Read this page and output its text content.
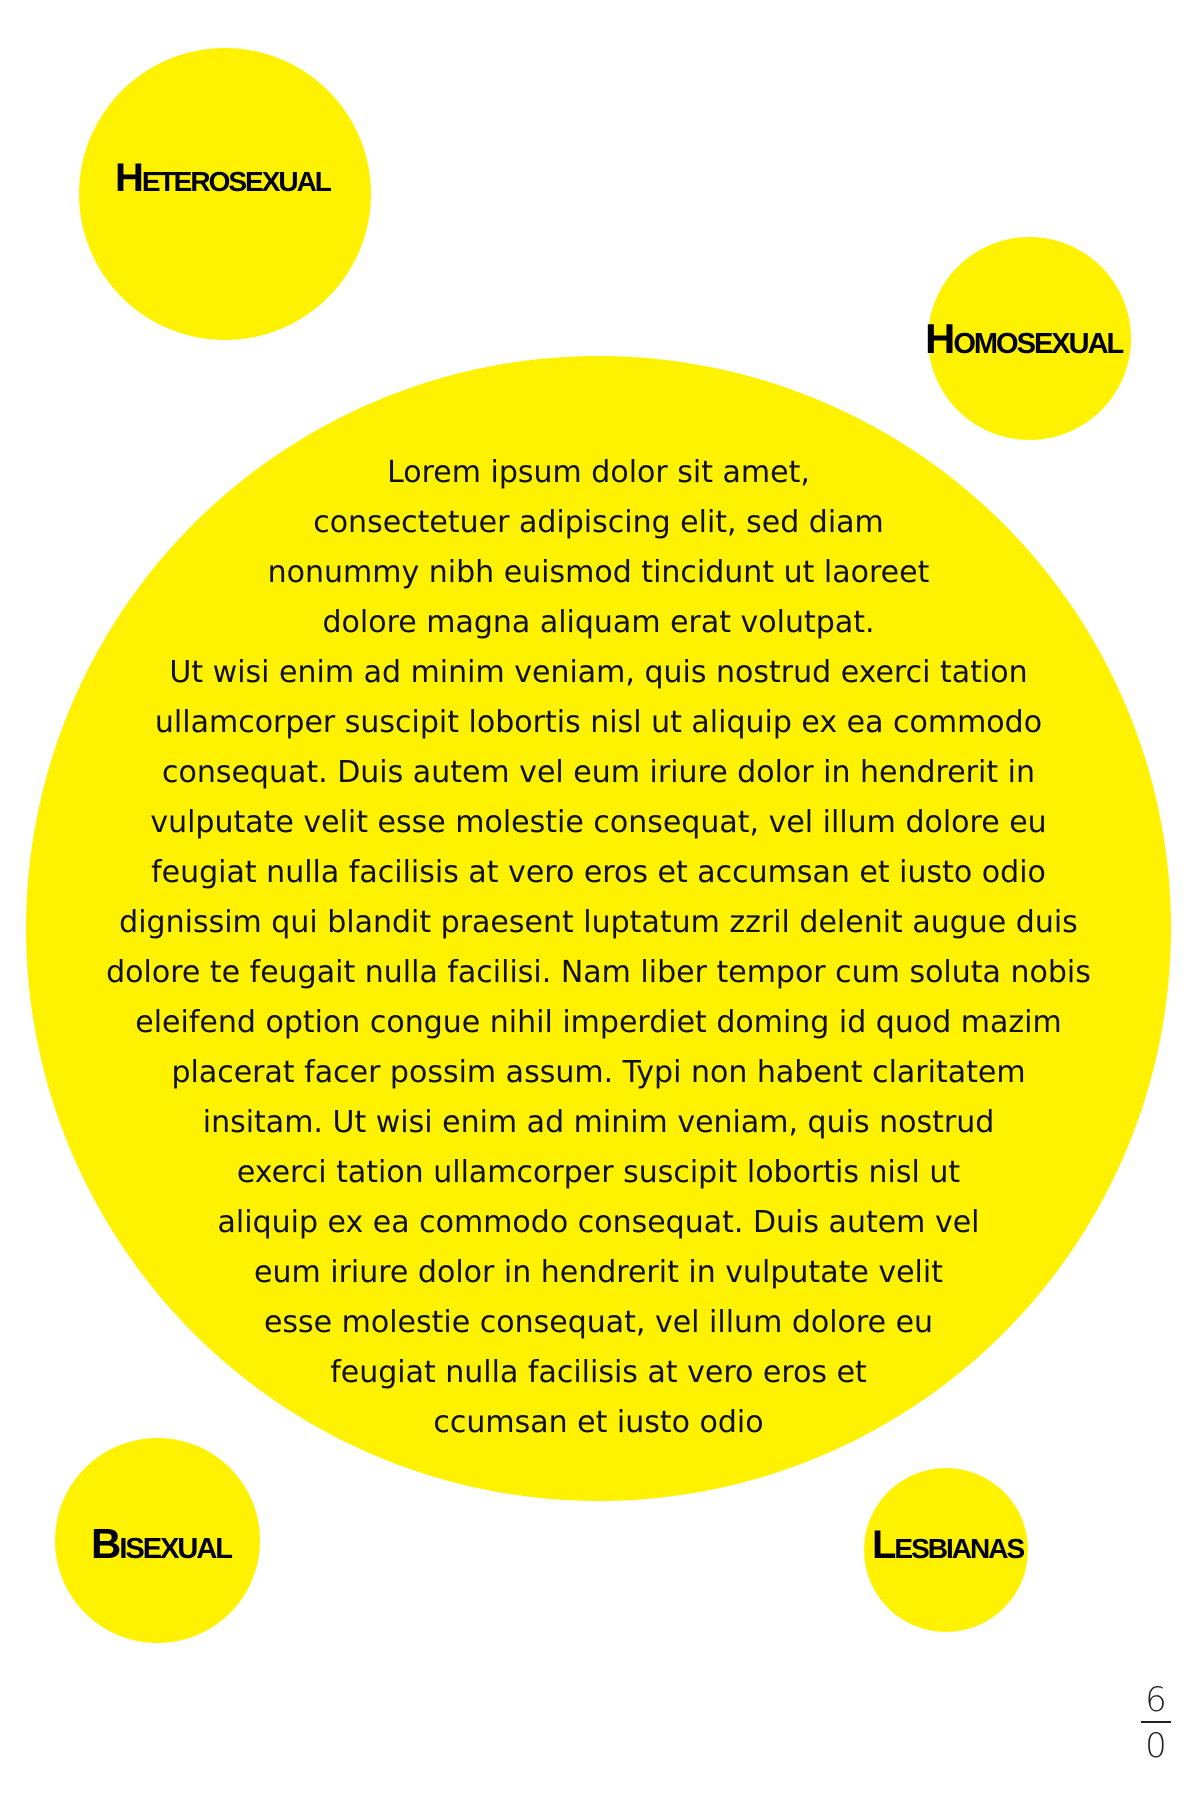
Heterosexual
Homosexual
Bisexual	Lesbianas
Lorem ipsum dolor sit amet,
consectetuer adipiscing elit, sed diam
nonummy nibh euismod tincidunt ut laoreet
dolore magna aliquam erat volutpat.
Ut wisi enim ad minim veniam, quis nostrud exerci tation
ullamcorper suscipit lobortis nisl ut aliquip ex ea commodo
consequat. Duis autem vel eum iriure dolor in hendrerit in
vulputate velit esse molestie consequat, vel illum dolore eu
feugiat nulla facilisis at vero eros et accumsan et iusto odio
dignissim qui blandit praesent luptatum zzril delenit augue duis
dolore te feugait nulla facilisi. Nam liber tempor cum soluta nobis
eleifend option congue nihil imperdiet doming id quod mazim
placerat facer possim assum. Typi non habent claritatem
insitam. Ut wisi enim ad minim veniam, quis nostrud
exerci tation ullamcorper suscipit lobortis nisl ut
aliquip ex ea commodo consequat. Duis autem vel
eum iriure dolor in hendrerit in vulputate velit
esse molestie consequat, vel illum dolore eu
feugiat nulla facilisis at vero eros et
ccumsan et iusto odio
6
0
